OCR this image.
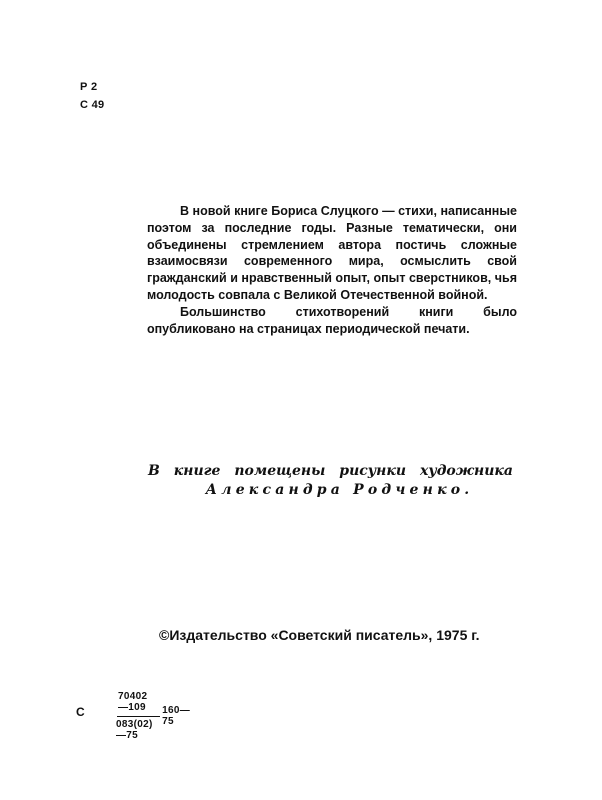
Р 2
С 49

В новой книге Бориса Слуцкого — стихи, написанные поэтом за последние годы. Разные тематически, они объединены стремлением автора постичь сложные взаимосвязи современного мира, осмыслить свой гражданский и нравственный опыт, опыт сверстников, чья молодость совпала с Великой Отечественной войной.

Большинство стихотворений книги было опубликовано на страницах периодической печати.

В книге помещены рисунки художника
Александра Родченко.
©Издательство «Советский писатель», 1975 г.
С
70402—109 160—75
083(02)—75
